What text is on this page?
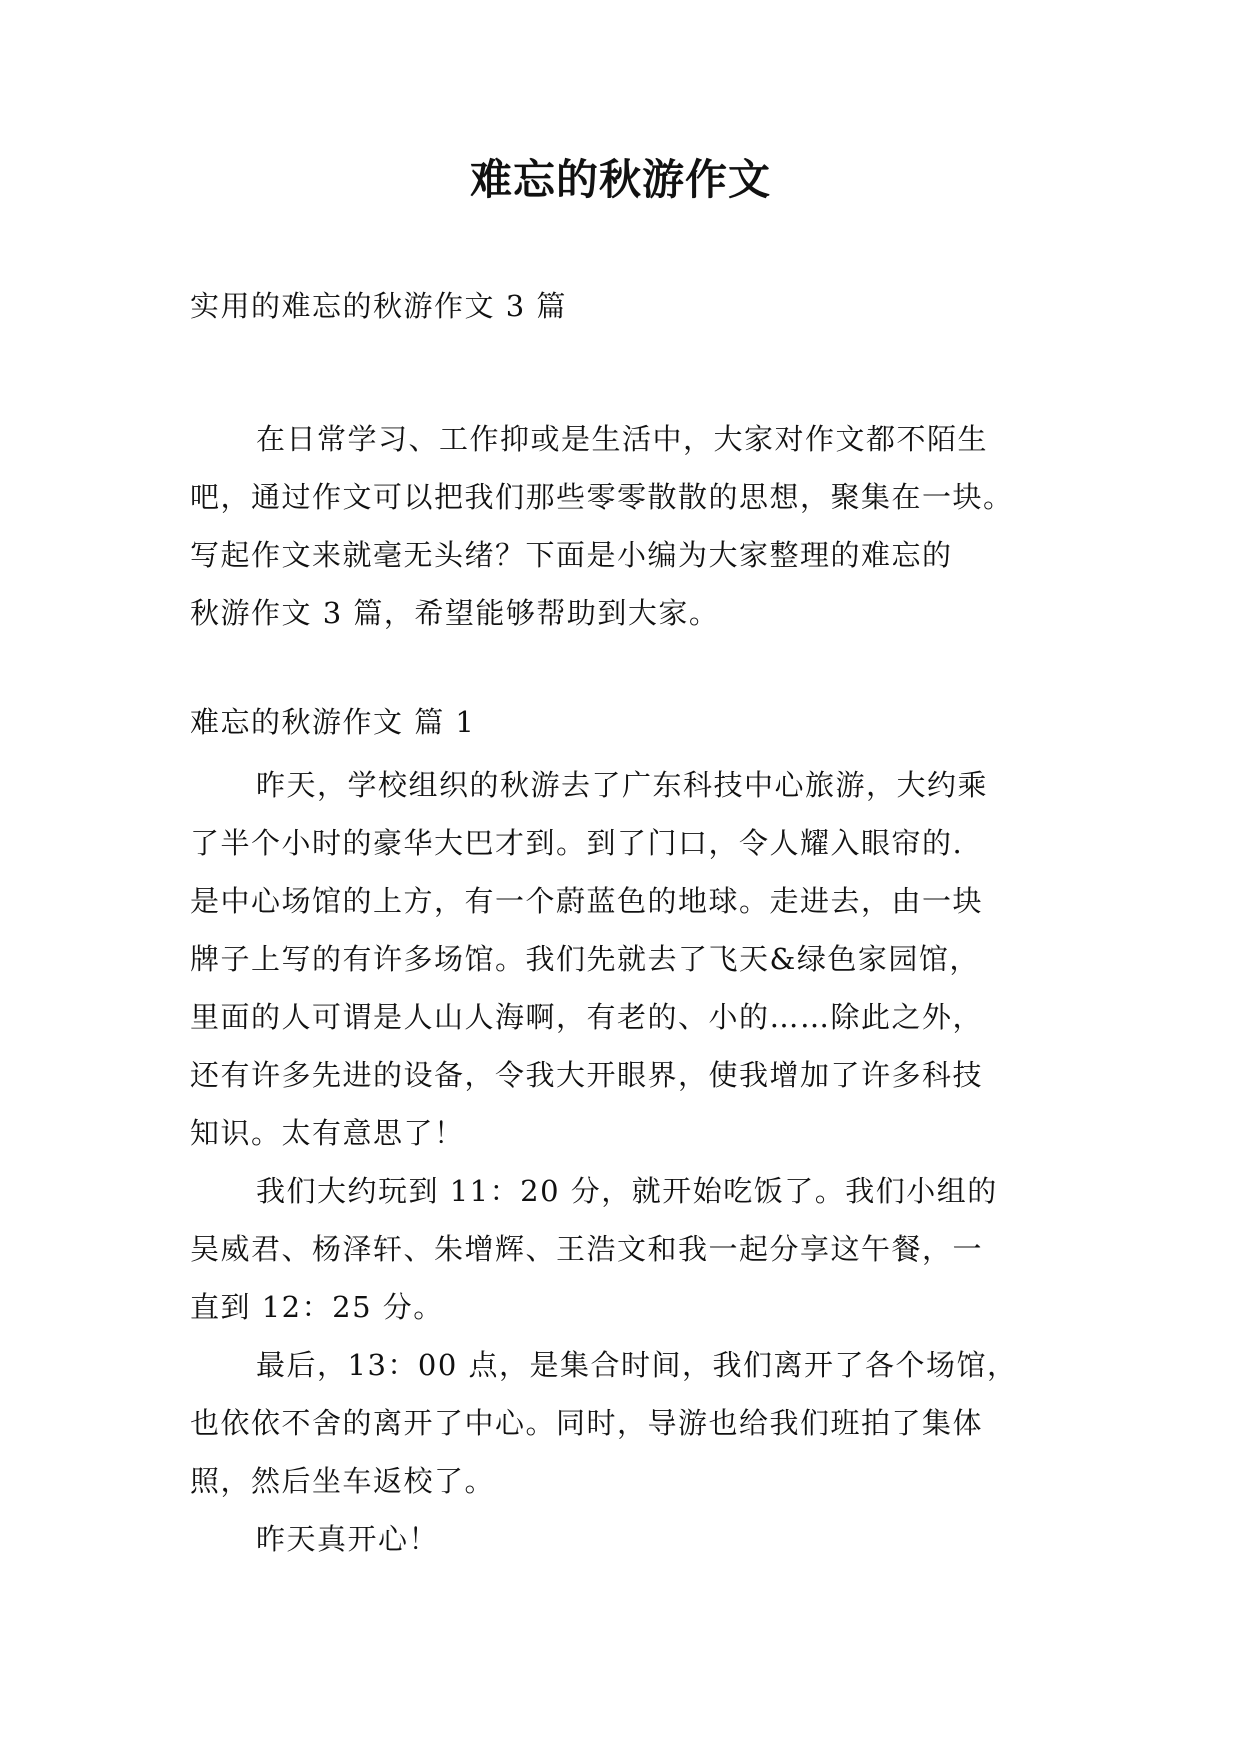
难忘的秋游作文
实用的难忘的秋游作文 3 篇
在日常学习、工作抑或是生活中，大家对作文都不陌生
吧，通过作文可以把我们那些零零散散的思想，聚集在一块。
写起作文来就毫无头绪？下面是小编为大家整理的难忘的
秋游作文 3 篇，希望能够帮助到大家。
难忘的秋游作文 篇 1
昨天，学校组织的秋游去了广东科技中心旅游，大约乘
了半个小时的豪华大巴才到。到了门口，令人耀入眼帘的.
是中心场馆的上方，有一个蔚蓝色的地球。走进去，由一块
牌子上写的有许多场馆。我们先就去了飞天&绿色家园馆，
里面的人可谓是人山人海啊，有老的、小的……除此之外，
还有许多先进的设备，令我大开眼界，使我增加了许多科技
知识。太有意思了！
我们大约玩到 11：20 分，就开始吃饭了。我们小组的
吴威君、杨泽轩、朱增辉、王浩文和我一起分享这午餐，一
直到 12：25 分。
最后，13：00 点，是集合时间，我们离开了各个场馆，
也依依不舍的离开了中心。同时，导游也给我们班拍了集体
照，然后坐车返校了。
昨天真开心！
